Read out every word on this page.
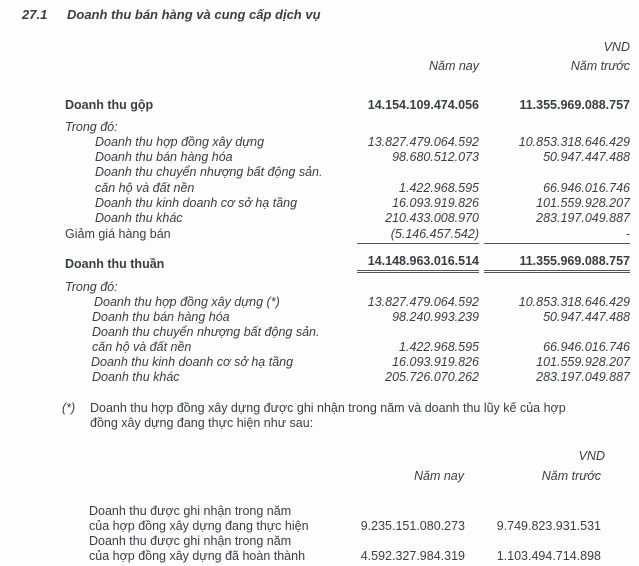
27.1 Doanh thu bán hàng và cung cấp dịch vụ
VND
Năm nay	Năm trước
Doanh thu gộp	14.154.109.474.056	11.355.969.088.757
Trong đó:
Doanh thu hợp đồng xây dựng	13.827.479.064.592	10.853.318.646.429
Doanh thu bán hàng hóa	98.680.512.073	50.947.447.488
Doanh thu chuyển nhượng bất động sản.
căn hộ và đất nền	1.422.968.595	66.946.016.746
Doanh thu kinh doanh cơ sở hạ tầng	16.093.919.826	101.559.928.207
Doanh thu khác	210.433.008.970	283.197.049.887
Giảm giá hàng bán	(5.146.457.542)	-
Doanh thu thuần	14.148.963.016.514	11.355.969.088.757
Trong đó:
Doanh thu hợp đồng xây dựng (*)	13.827.479.064.592	10.853.318.646.429
Doanh thu bán hàng hóa	98.240.993.239	50.947.447.488
Doanh thu chuyển nhượng bất động sản.
căn hộ và đất nền	1.422.968.595	66.946.016.746
Doanh thu kinh doanh cơ sở hạ tầng	16.093.919.826	101.559.928.207
Doanh thu khác	205.726.070.262	283.197.049.887
(*) Doanh thu hợp đồng xây dựng được ghi nhận trong năm và doanh thu lũy kế của hợp
đồng xây dựng đang thực hiện như sau:
VND
Năm nay	Năm trước
Doanh thu được ghi nhận trong năm
của hợp đồng xây dựng đang thực hiện	9.235.151.080.273	9.749.823.931.531
Doanh thu được ghi nhận trong năm
của hợp đồng xây dựng đã hoàn thành	4.592.327.984.319	1.103.494.714.898
